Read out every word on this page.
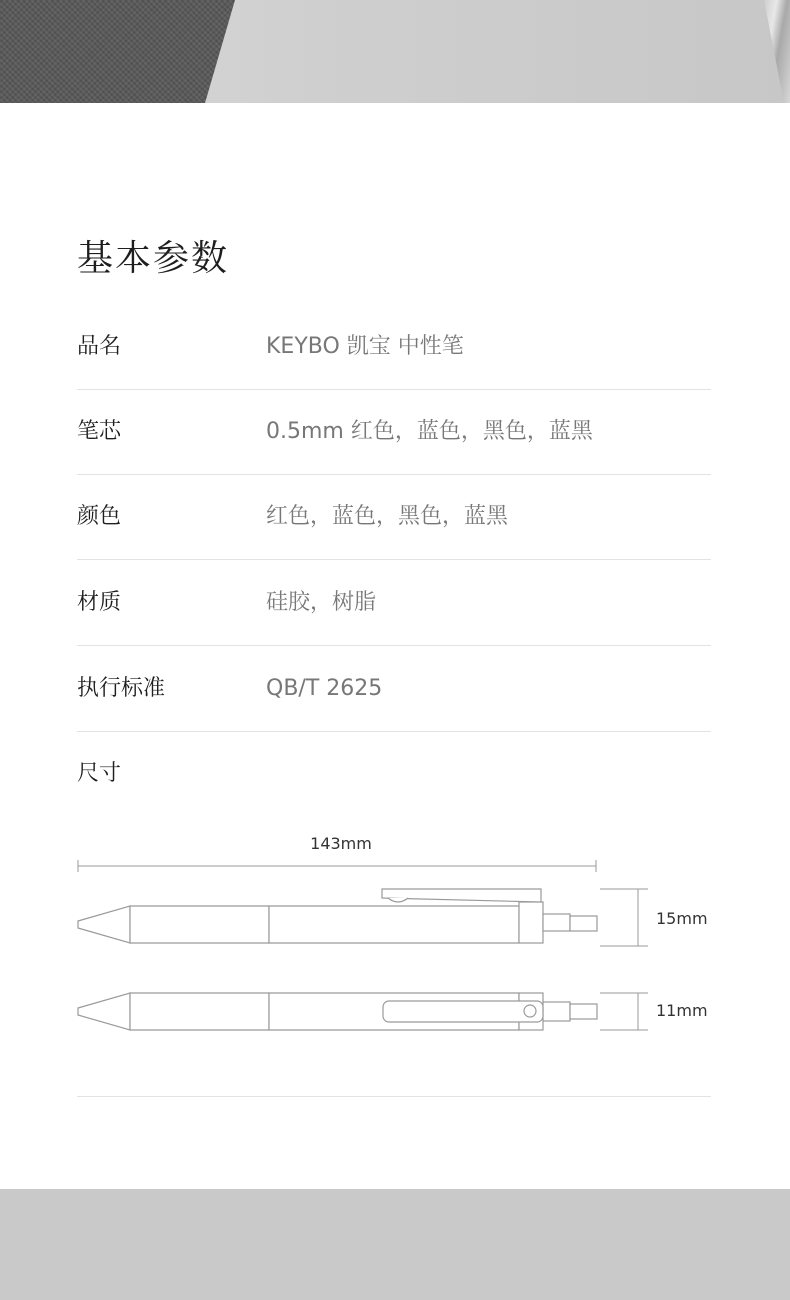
基本参数
品名	KEYBO 凯宝 中性笔
笔芯	0.5mm 红色，蓝色，黑色，蓝黑
颜色	红色，蓝色，黑色，蓝黑
材质	硅胶，树脂
执行标准	QB/T 2625
尺寸
143mm
15mm
11mm
